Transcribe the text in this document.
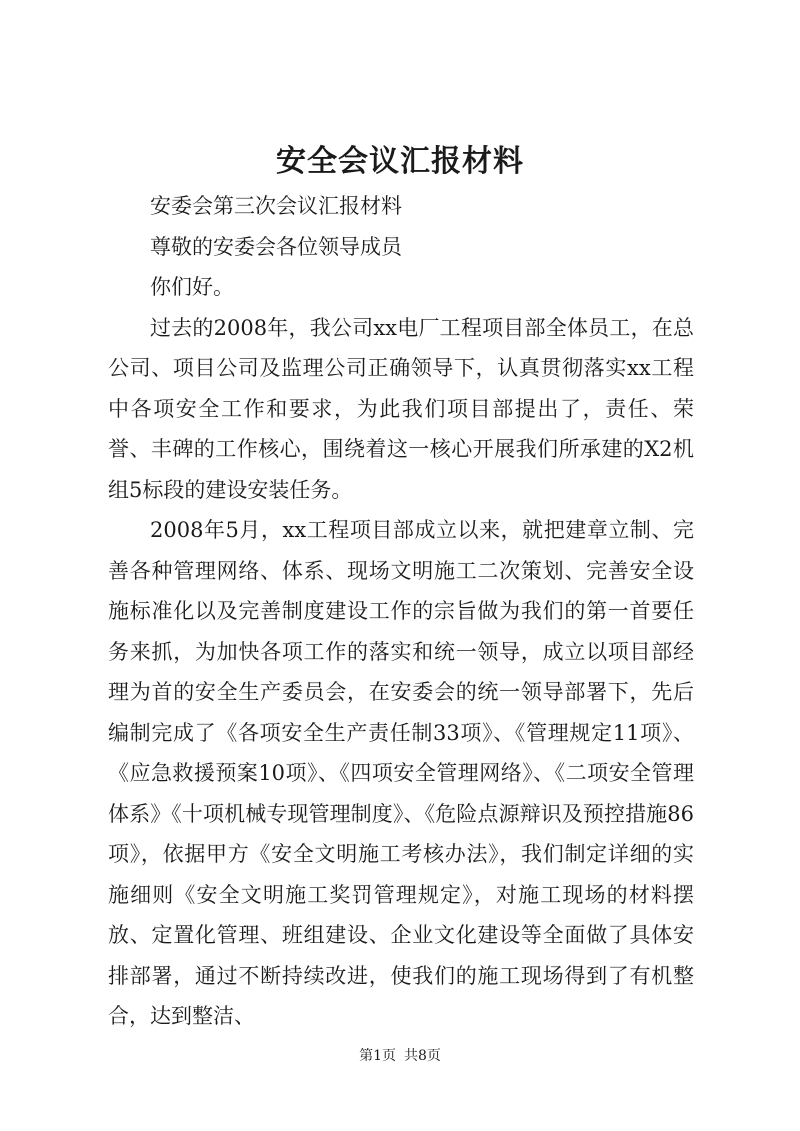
安全会议汇报材料

安委会第三次会议汇报材料

尊敬的安委会各位领导成员

你们好。

过去的2008年，我公司xx电厂工程项目部全体员工，在总公司、项目公司及监理公司正确领导下，认真贯彻落实xx工程中各项安全工作和要求，为此我们项目部提出了，责任、荣誉、丰碑的工作核心，围绕着这一核心开展我们所承建的X2机组5标段的建设安装任务。

2008年5月，xx工程项目部成立以来，就把建章立制、完善各种管理网络、体系、现场文明施工二次策划、完善安全设施标准化以及完善制度建设工作的宗旨做为我们的第一首要任务来抓，为加快各项工作的落实和统一领导，成立以项目部经理为首的安全生产委员会，在安委会的统一领导部署下，先后编制完成了《各项安全生产责任制33项》、《管理规定11项》、《应急救援预案10项》、《四项安全管理网络》、《二项安全管理体系》《十项机械专现管理制度》、《危险点源辩识及预控措施86项》，依据甲方《安全文明施工考核办法》，我们制定详细的实施细则《安全文明施工奖罚管理规定》，对施工现场的材料摆放、定置化管理、班组建设、企业文化建设等全面做了具体安排部署，通过不断持续改进，使我们的施工现场得到了有机整合，达到整洁、

第1页 共8页
